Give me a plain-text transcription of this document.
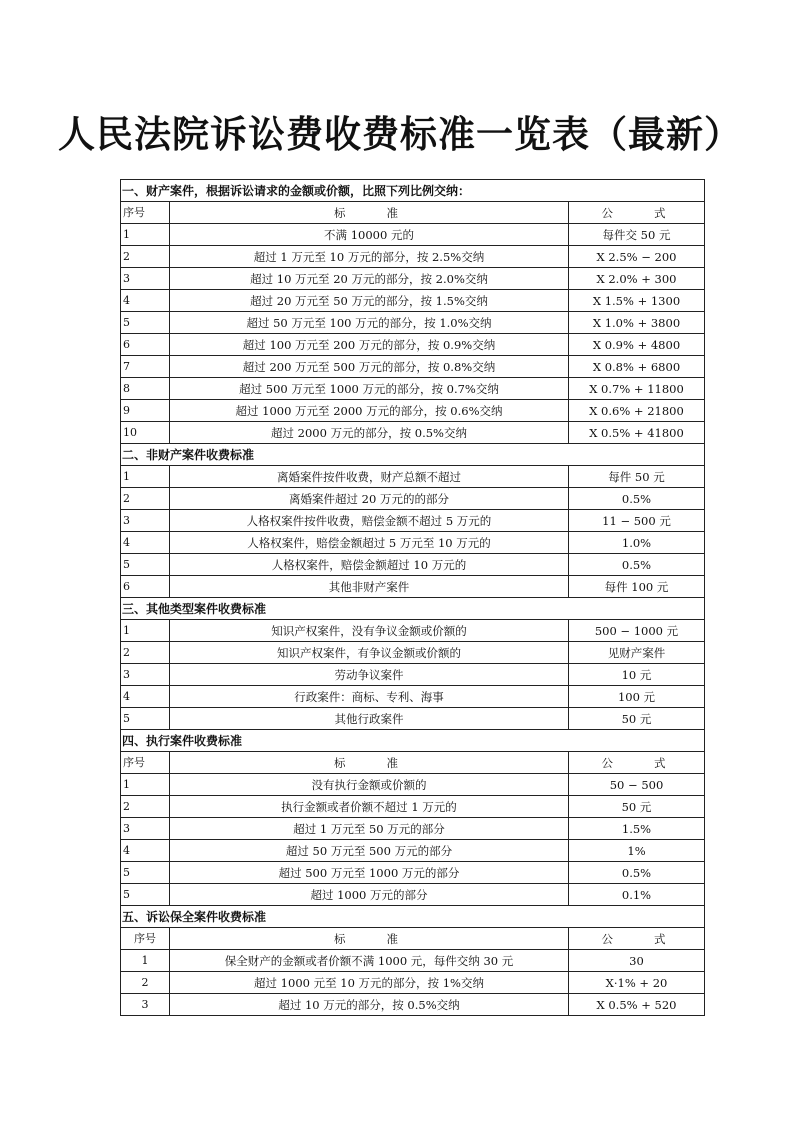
人民法院诉讼费收费标准一览表（最新）
一、财产案件，根据诉讼请求的金额或价额，比照下列比例交纳：		
序号	标　　准	公　　式
1	不满 10000 元的	每件交 50 元
2	超过 1 万元至 10 万元的部分，按 2.5%交纳	X 2.5% − 200
3	超过 10 万元至 20 万元的部分，按 2.0%交纳	X 2.0% + 300
4	超过 20 万元至 50 万元的部分，按 1.5%交纳	X 1.5% + 1300
5	超过 50 万元至 100 万元的部分，按 1.0%交纳	X 1.0% + 3800
6	超过 100 万元至 200 万元的部分，按 0.9%交纳	X 0.9% + 4800
7	超过 200 万元至 500 万元的部分，按 0.8%交纳	X 0.8% + 6800
8	超过 500 万元至 1000 万元的部分，按 0.7%交纳	X 0.7% + 11800
9	超过 1000 万元至 2000 万元的部分，按 0.6%交纳	X 0.6% + 21800
10	超过 2000 万元的部分，按 0.5%交纳	X 0.5% + 41800
二、非财产案件收费标准		
1	离婚案件按件收费，财产总额不超过	每件 50 元
2	离婚案件超过 20 万元的的部分	0.5%
3	人格权案件按件收费，赔偿金额不超过 5 万元的	11 − 500 元
4	人格权案件，赔偿金额超过 5 万元至 10 万元的	1.0%
5	人格权案件，赔偿金额超过 10 万元的	0.5%
6	其他非财产案件	每件 100 元
三、其他类型案件收费标准		
1	知识产权案件，没有争议金额或价额的	500 − 1000 元
2	知识产权案件，有争议金额或价额的	见财产案件
3	劳动争议案件	10 元
4	行政案件：商标、专利、海事	100 元
5	其他行政案件	50 元
四、执行案件收费标准		
序号	标　　准	公　　式
1	没有执行金额或价额的	50 − 500
2	执行金额或者价额不超过 1 万元的	50 元
3	超过 1 万元至 50 万元的部分	1.5%
4	超过 50 万元至 500 万元的部分	1%
5	超过 500 万元至 1000 万元的部分	0.5%
5	超过 1000 万元的部分	0.1%
五、诉讼保全案件收费标准		
序号	标　　准	公　　式
1	保全财产的金额或者价额不满 1000 元，每件交纳 30 元	30
2	超过 1000 元至 10 万元的部分，按 1%交纳	X·1% + 20
3	超过 10 万元的部分，按 0.5%交纳	X 0.5% + 520
